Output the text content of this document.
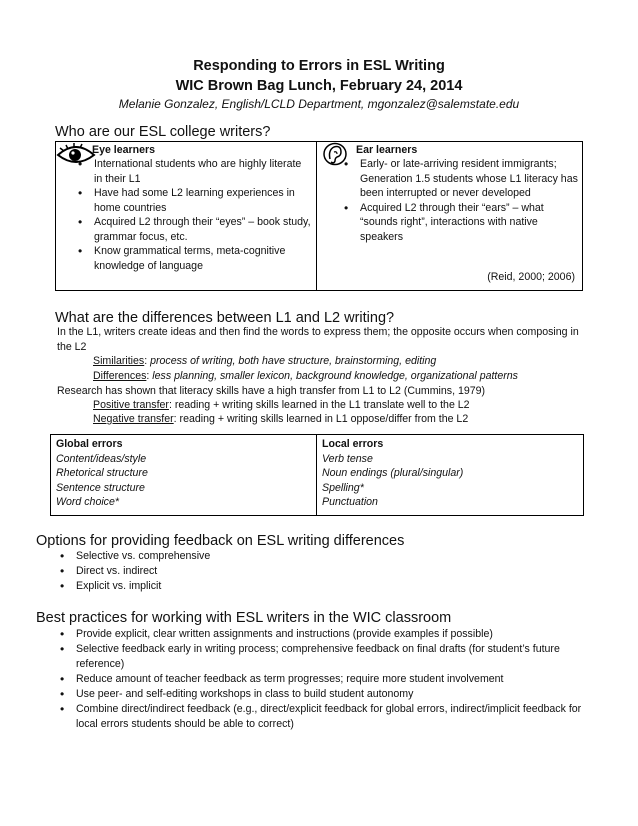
Responding to Errors in ESL Writing
WIC Brown Bag Lunch, February 24, 2014
Melanie Gonzalez, English/LCLD Department, mgonzalez@salemstate.edu
Who are our ESL college writers?
Eye learners
• International students who are highly literate in their L1
• Have had some L2 learning experiences in home countries
• Acquired L2 through their “eyes” – book study, grammar focus, etc.
• Know grammatical terms, meta-cognitive knowledge of language
Ear learners
• Early- or late-arriving resident immigrants; Generation 1.5 students whose L1 literacy has been interrupted or never developed
• Acquired L2 through their “ears” – what “sounds right”, interactions with native speakers
(Reid, 2000; 2006)
What are the differences between L1 and L2 writing?
In the L1, writers create ideas and then find the words to express them; the opposite occurs when composing in the L2
Similarities: process of writing, both have structure, brainstorming, editing
Differences: less planning, smaller lexicon, background knowledge, organizational patterns
Research has shown that literacy skills have a high transfer from L1 to L2 (Cummins, 1979)
Positive transfer: reading + writing skills learned in the L1 translate well to the L2
Negative transfer: reading + writing skills learned in L1 oppose/differ from the L2
Global errors
Content/ideas/style
Rhetorical structure
Sentence structure
Word choice*
Local errors
Verb tense
Noun endings (plural/singular)
Spelling*
Punctuation
Options for providing feedback on ESL writing differences
• Selective vs. comprehensive
• Direct vs. indirect
• Explicit vs. implicit
Best practices for working with ESL writers in the WIC classroom
• Provide explicit, clear written assignments and instructions (provide examples if possible)
• Selective feedback early in writing process; comprehensive feedback on final drafts (for student’s future reference)
• Reduce amount of teacher feedback as term progresses; require more student involvement
• Use peer- and self-editing workshops in class to build student autonomy
• Combine direct/indirect feedback (e.g., direct/explicit feedback for global errors, indirect/implicit feedback for local errors students should be able to correct)
